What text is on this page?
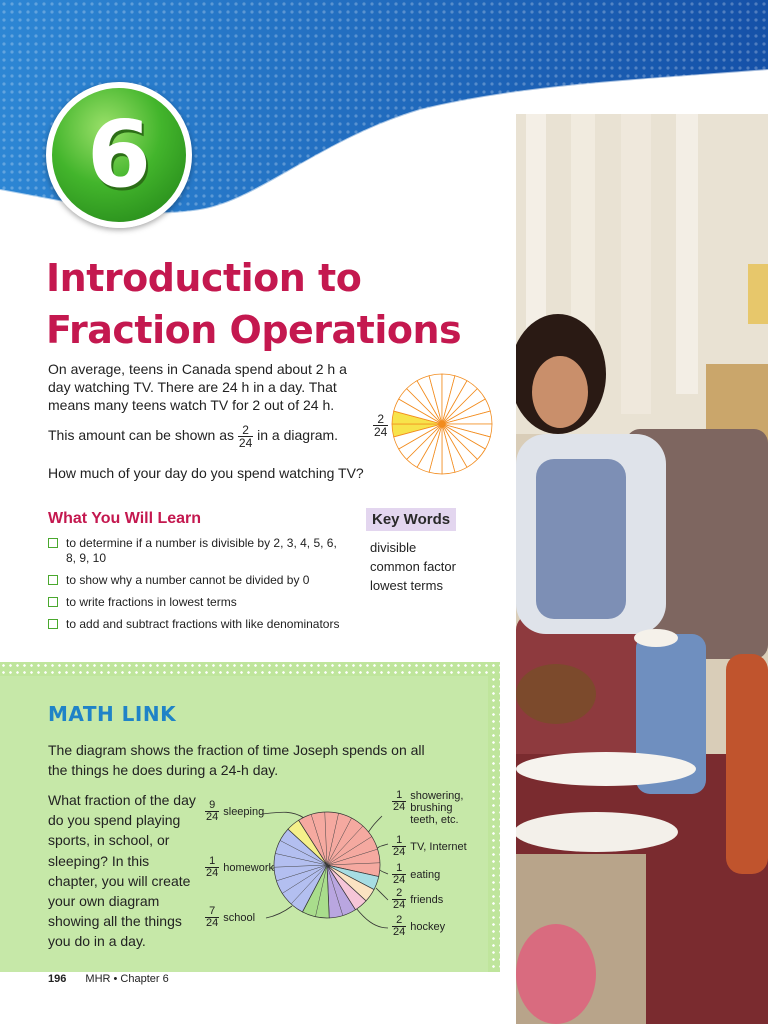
6
Introduction to
Fraction Operations

On average, teens in Canada spend about 2 h a day watching TV. There are 24 h in a day. That means many teens watch TV for 2 out of 24 h.

This amount can be shown as $\frac{2}{24}$ in a diagram.

How much of your day do you spend watching TV?

$\frac{2}{24}$
What You Will Learn
to determine if a number is divisible by 2, 3, 4, 5, 6, 8, 9, 10
to show why a number cannot be divided by 0
to write fractions in lowest terms
to add and subtract fractions with like denominators
Key Words
divisible
common factor
lowest terms
MATH LINK

The diagram shows the fraction of time Joseph spends on all the things he does during a 24-h day.

What fraction of the day do you spend playing sports, in school, or sleeping? In this chapter, you will create your own diagram showing all the things you do in a day.

$\frac{9}{24}$ sleeping	$\frac{1}{24}$ showering, brushing teeth, etc.
$\frac{1}{24}$ TV, Internet
$\frac{1}{24}$ eating
$\frac{2}{24}$ friends
$\frac{2}{24}$ hockey
$\frac{7}{24}$ school
$\frac{1}{24}$ homework
196 MHR • Chapter 6
